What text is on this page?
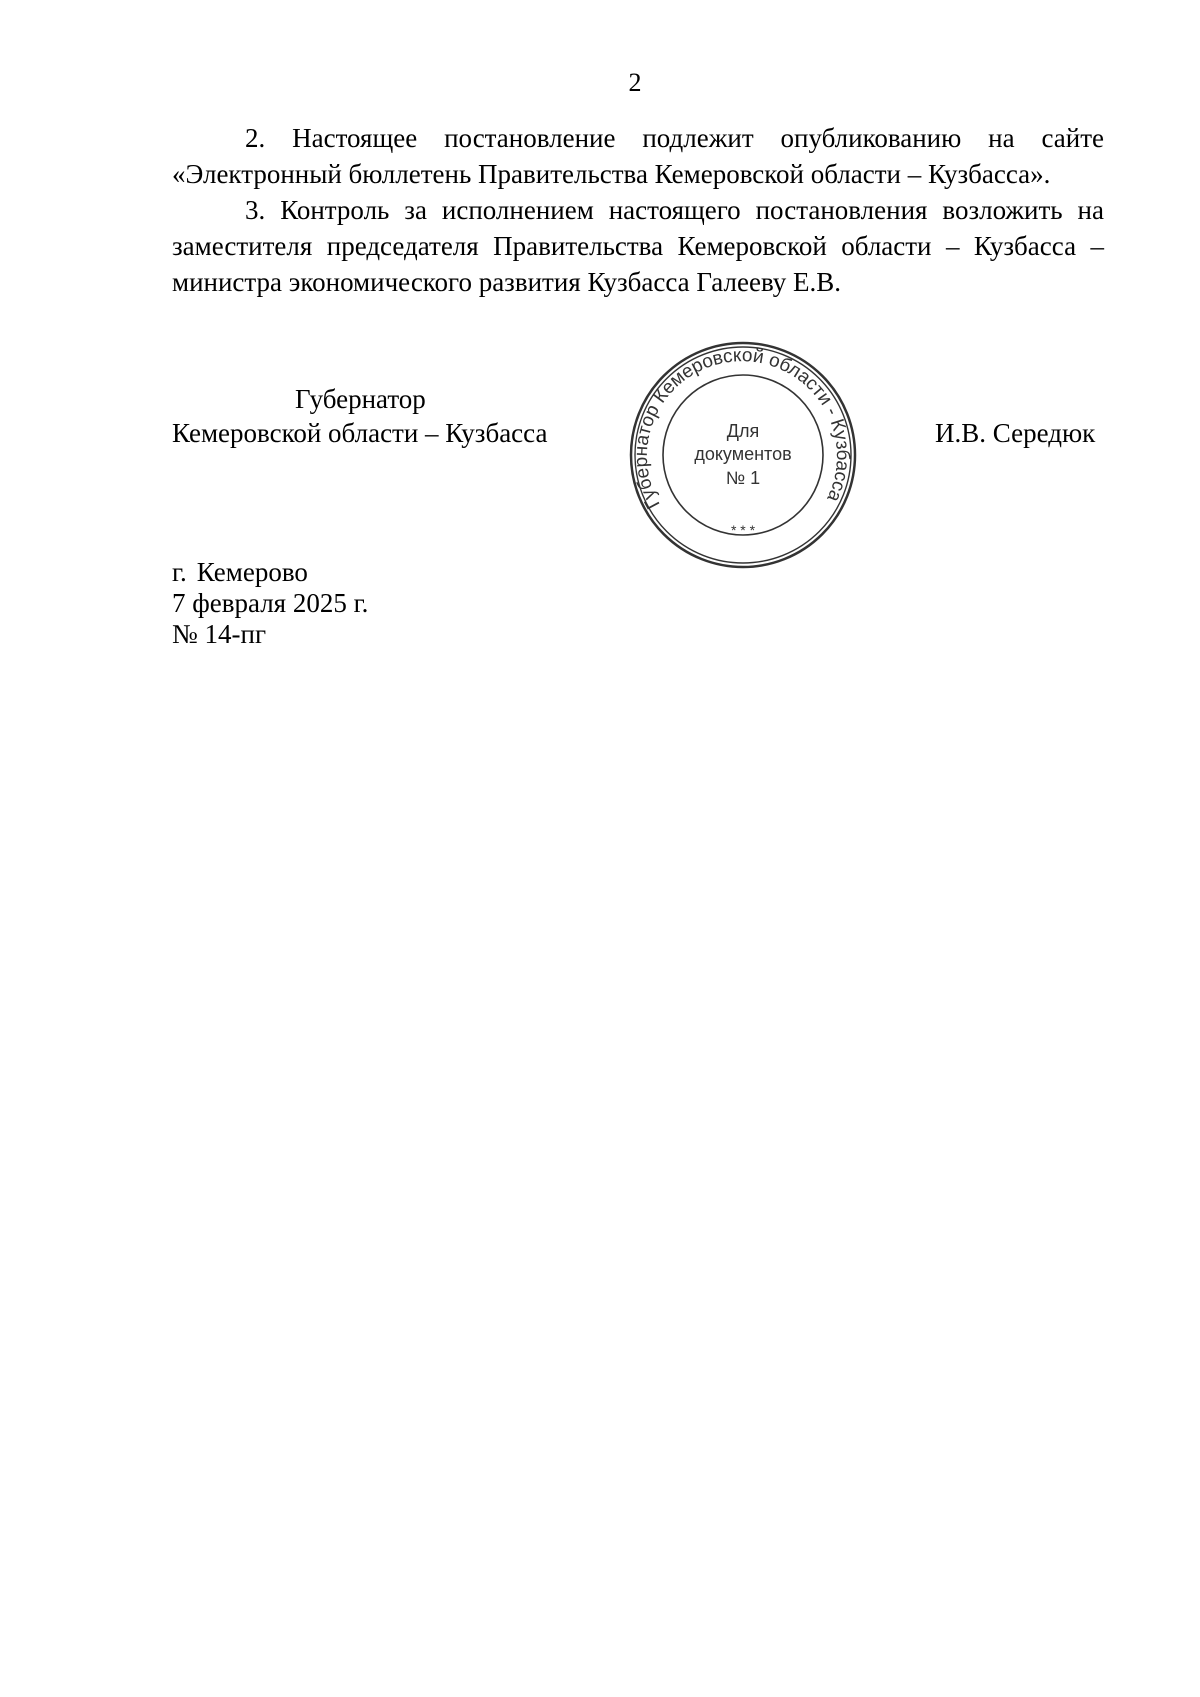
2

2. Настоящее постановление подлежит опубликованию на сайте «Электронный бюллетень Правительства Кемеровской области – Кузбасса».

3. Контроль за исполнением настоящего постановления возложить на заместителя председателя Правительства Кемеровской области – Кузбасса – министра экономического развития Кузбасса Галееву Е.В.

Губернатор
Кемеровской области – Кузбасса
Губернатор Кемеровской области - Кузбасса
* * *
Для
документов
№ 1
И.В. Середюк
г. Кемерово
7 февраля 2025 г.
№ 14-пг
